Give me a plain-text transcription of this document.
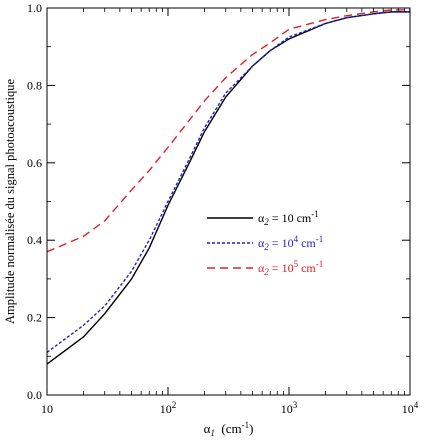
10	$10^2$	$10^3$	$10^4$
0.0
0.2
0.4
0.6
0.8
1.0
$\alpha_1$  $(cm^{-1})$
Amplitude normalisée du signal photoacoustique	$\alpha_2 = 10$ $cm^{-1}$
$\alpha_2 = 10^4$ $cm^{-1}$
$\alpha_2 = 10^5$ $cm^{-1}$
